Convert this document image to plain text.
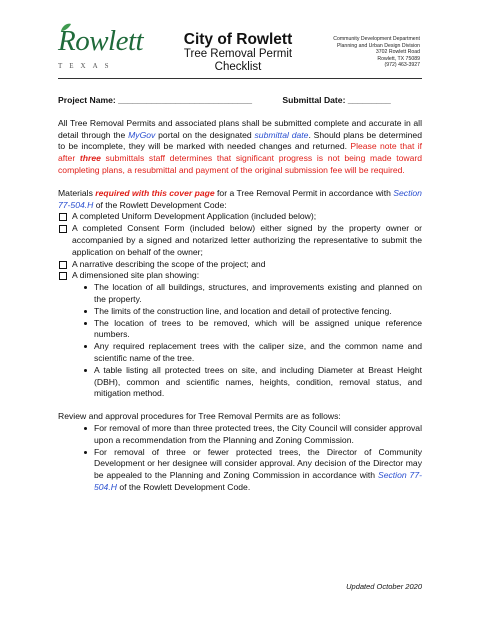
Rowlett
TEXAS
City of Rowlett
Tree Removal Permit
Checklist
Community Development Department
Planning and Urban Design Division
3702 Rowlett Road
Rowlett, TX 75089
(972) 463-3927
Project Name: ____________________________	Submittal Date: _________

All Tree Removal Permits and associated plans shall be submitted complete and accurate in all detail through the MyGov portal on the designated submittal date. Should plans be determined to be incomplete, they will be marked with needed changes and returned. Please note that if after three submittals staff determines that significant progress is not being made toward completing plans, a resubmittal and payment of the original submission fee will be required.

Materials required with this cover page for a Tree Removal Permit in accordance with Section 77-504.H of the Rowlett Development Code:
A completed Uniform Development Application (included below);
A completed Consent Form (included below) either signed by the property owner or accompanied by a signed and notarized letter authorizing the representative to submit the application on behalf of the owner;
A narrative describing the scope of the project; and
A dimensioned site plan showing:
The location of all buildings, structures, and improvements existing and planned on the property.
The limits of the construction line, and location and detail of protective fencing.
The location of trees to be removed, which will be assigned unique reference numbers.
Any required replacement trees with the caliper size, and the common name and scientific name of the tree.
A table listing all protected trees on site, and including Diameter at Breast Height (DBH), common and scientific names, heights, condition, removal status, and mitigation method.
Review and approval procedures for Tree Removal Permits are as follows:
For removal of more than three protected trees, the City Council will consider approval upon a recommendation from the Planning and Zoning Commission.
For removal of three or fewer protected trees, the Director of Community Development or her designee will consider approval. Any decision of the Director may be appealed to the Planning and Zoning Commission in accordance with Section 77-504.H of the Rowlett Development Code.
Updated October 2020
